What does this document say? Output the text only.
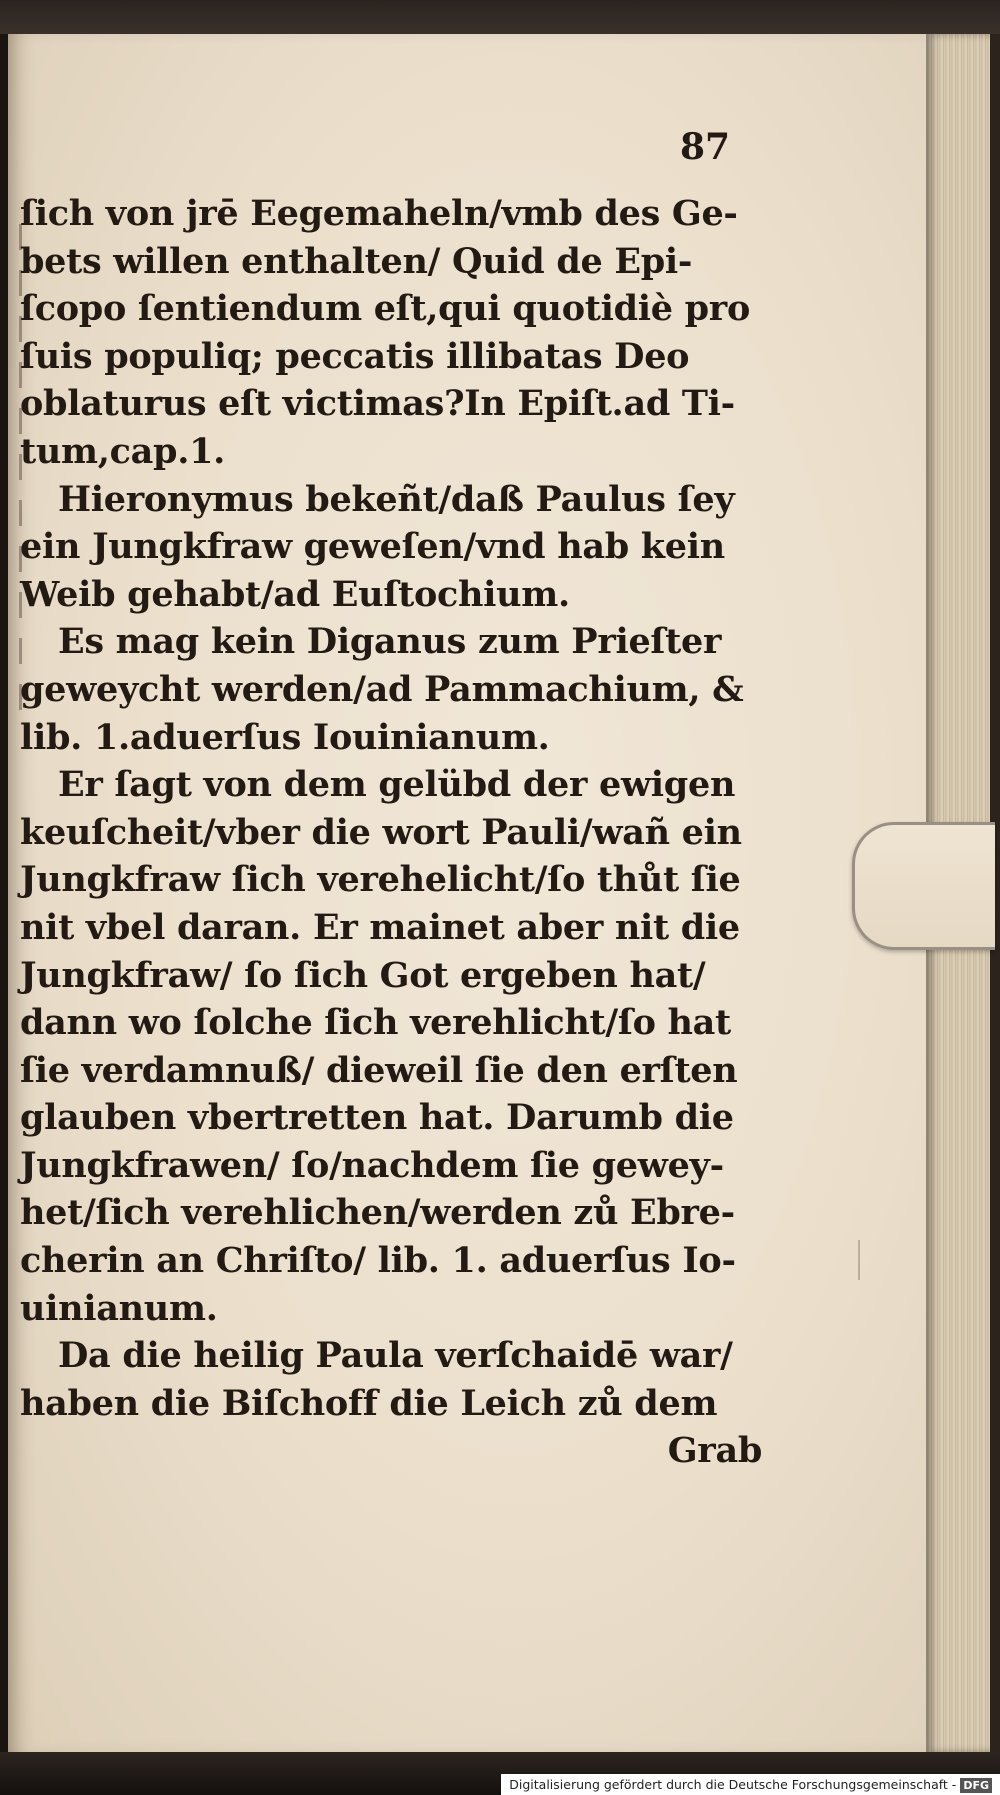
87
ſich von jrē Eegemaheln/vmb des Ge-
bets willen enthalten/ Quid de Epi-
ſcopo ſentiendum eſt,qui quotidiè pro
ſuis populiq; peccatis illibatas Deo
oblaturus eſt victimas?In Epiſt.ad Ti-
tum,cap.1.
Hieronymus bekeñt/daß Paulus ſey
ein Jungkfraw geweſen/vnd hab kein
Weib gehabt/ad Euſtochium.
Es mag kein Diganus zum Prieſter
geweycht werden/ad Pammachium, &
lib. 1.aduerſus Iouinianum.
Er ſagt von dem gelübd der ewigen
keuſcheit/vber die wort Pauli/wañ ein
Jungkfraw ſich verehelicht/ſo thůt ſie
nit vbel daran. Er mainet aber nit die
Jungkfraw/ ſo ſich Got ergeben hat/
dann wo ſolche ſich verehlicht/ſo hat
ſie verdamnuß/ dieweil ſie den erſten
glauben vbertretten hat. Darumb die
Jungkfrawen/ ſo/nachdem ſie gewey-
het/ſich verehlichen/werden zů Ebre-
cherin an Chriſto/ lib. 1. aduerſus Io-
uinianum.
Da die heilig Paula verſchaidē war/
haben die Biſchoff die Leich zů dem
Grab
Digitalisierung gefördert durch die Deutsche Forschungsgemeinschaft - DFG
